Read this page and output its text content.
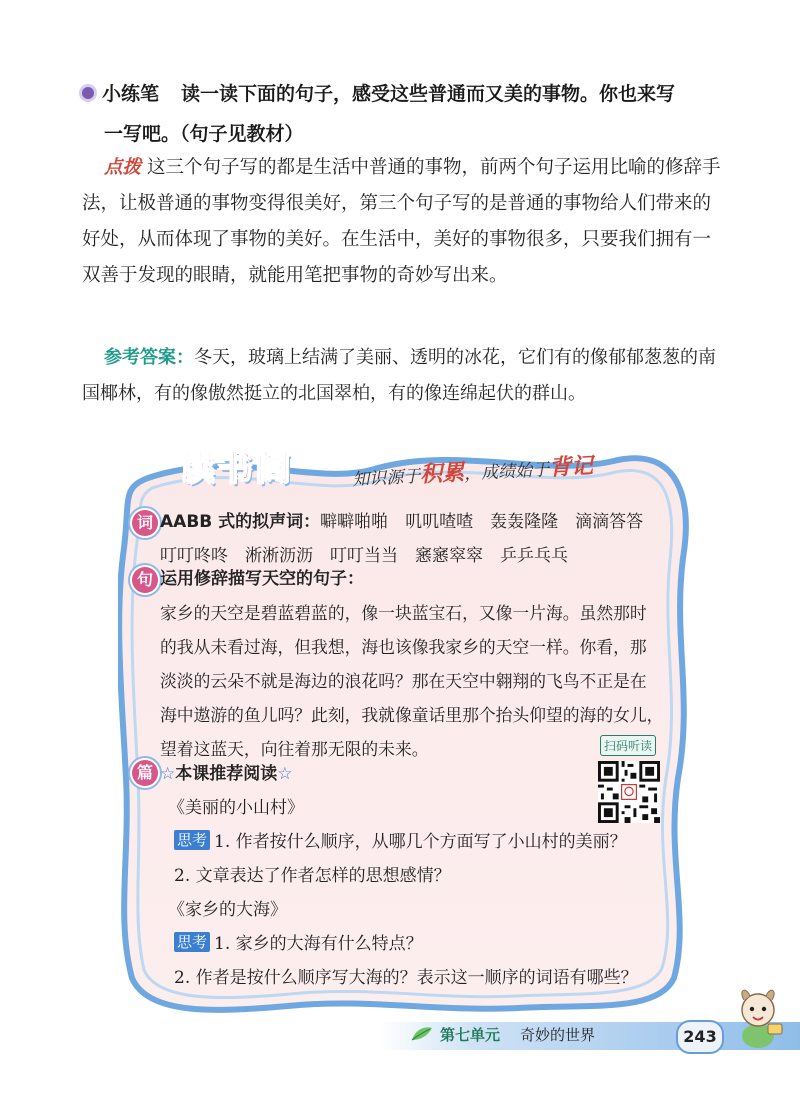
小练笔 读一读下面的句子，感受这些普通而又美的事物。你也来写
一写吧。（句子见教材）
点拨 这三个句子写的都是生活中普通的事物，前两个句子运用比喻的修辞手法，让极普通的事物变得很美好，第三个句子写的是普通的事物给人们带来的好处，从而体现了事物的美好。在生活中，美好的事物很多，只要我们拥有一双善于发现的眼睛，就能用笔把事物的奇妙写出来。
参考答案：冬天，玻璃上结满了美丽、透明的冰花，它们有的像郁郁葱葱的南国椰林，有的像傲然挺立的北国翠柏，有的像连绵起伏的群山。
读书阁	知识源于积累，成绩始于背记
词 AABB 式的拟声词：噼噼啪啪　叽叽喳喳　轰轰隆隆　滴滴答答
叮叮咚咚　淅淅沥沥　叮叮当当　窸窸窣窣　乒乒乓乓
句 运用修辞描写天空的句子：

家乡的天空是碧蓝碧蓝的，像一块蓝宝石，又像一片海。虽然那时

的我从未看过海，但我想，海也该像我家乡的天空一样。你看，那

淡淡的云朵不就是海边的浪花吗？那在天空中翱翔的飞鸟不正是在

海中遨游的鱼儿吗？此刻，我就像童话里那个抬头仰望的海的女儿，

望着这蓝天，向往着那无限的未来。	扫码听读
篇 ☆本课推荐阅读☆
《美丽的小山村》
思考 1. 作者按什么顺序，从哪几个方面写了小山村的美丽？
2. 文章表达了作者怎样的思想感情？
《家乡的大海》
思考 1. 家乡的大海有什么特点？
2. 作者是按什么顺序写大海的？表示这一顺序的词语有哪些？
第七单元 奇妙的世界	243
